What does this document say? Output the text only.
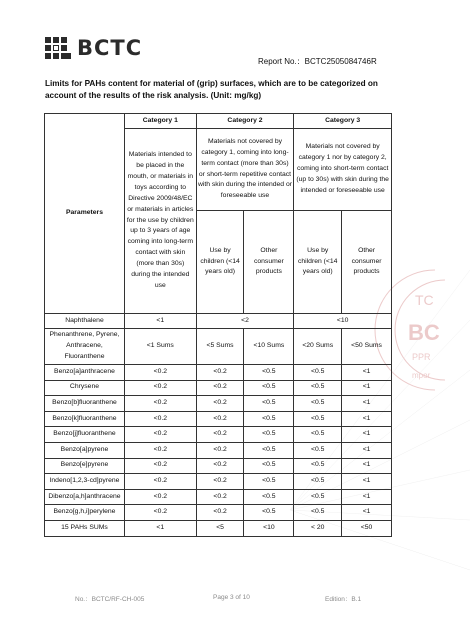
TC
BC
PPR
mpor
BCTC
Report No.：BCTC2505084746R
Limits for PAHs content for material of (grip) surfaces, which are to be categorized on account of the results of the risk analysis. (Unit: mg/kg)
Parameters	Category 1	Category 2		Category 3	
	Materials intended to be placed in the mouth, or materials in toys according to Directive 2009/48/EC or materials in articles for the use by children up to 3 years of age coming into long-term contact with skin (more than 30s) during the intended use	Materials not covered by category 1, coming into long-term contact (more than 30s) or short-term repetitive contact with skin during the intended or foreseeable use		Materials not covered by category 1 nor by category 2, coming into short-term contact (up to 30s) with skin during the intended or foreseeable use	
		Use by children (<14 years old)	Other consumer products	Use by children (<14 years old)	Other consumer products
Naphthalene	<1	<2		<10	
Phenanthrene, Pyrene, Anthracene, Fluoranthene	<1 Sums	<5 Sums	<10 Sums	<20 Sums	<50 Sums
Benzo[a]anthracene	<0.2	<0.2	<0.5	<0.5	<1
Chrysene	<0.2	<0.2	<0.5	<0.5	<1
Benzo[b]fluoranthene	<0.2	<0.2	<0.5	<0.5	<1
Benzo[k]fluoranthene	<0.2	<0.2	<0.5	<0.5	<1
Benzo[j]fluoranthene	<0.2	<0.2	<0.5	<0.5	<1
Benzo[a]pyrene	<0.2	<0.2	<0.5	<0.5	<1
Benzo[e]pyrene	<0.2	<0.2	<0.5	<0.5	<1
Indeno[1,2,3-cd]pyrene	<0.2	<0.2	<0.5	<0.5	<1
Dibenzo[a,h]anthracene	<0.2	<0.2	<0.5	<0.5	<1
Benzo[g,h,i]perylene	<0.2	<0.2	<0.5	<0.5	<1
15 PAHs SUMs	<1	<5	<10	< 20	<50
No.：BCTC/RF-CH-005	Page 3 of 10	Edition：B.1
